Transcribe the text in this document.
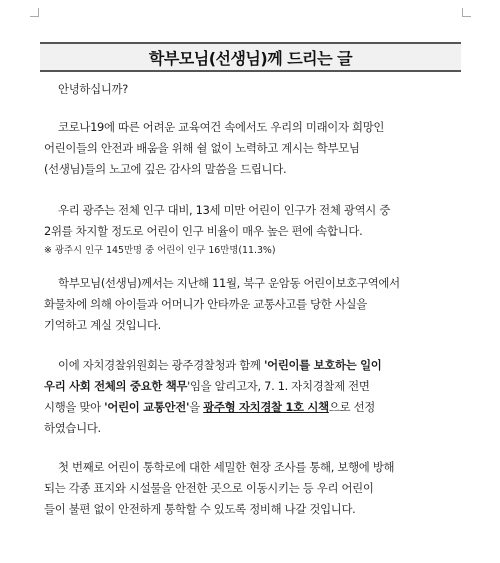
학부모님(선생님)께 드리는 글

안녕하십니까?

코로나19에 따른 어려운 교육여건 속에서도 우리의 미래이자 희망인
어린이들의 안전과 배움을 위해 쉴 없이 노력하고 계시는 학부모님
(선생님)들의 노고에 깊은 감사의 말씀을 드립니다.

우리 광주는 전체 인구 대비, 13세 미만 어린이 인구가 전체 광역시 중
2위를 차지할 정도로 어린이 인구 비율이 매우 높은 편에 속합니다.

※ 광주시 인구 145만명 중 어린이 인구 16만명(11.3%)

학부모님(선생님)께서는 지난해 11월, 북구 운암동 어린이보호구역에서
화물차에 의해 아이들과 어머니가 안타까운 교통사고를 당한 사실을
기억하고 계실 것입니다.

이에 자치경찰위원회는 광주경찰청과 함께 '어린이를 보호하는 일이
우리 사회 전체의 중요한 책무'임을 알리고자, 7. 1. 자치경찰제 전면
시행을 맞아 '어린이 교통안전'을 광주형 자치경찰 1호 시책으로 선정
하였습니다.

첫 번째로 어린이 통학로에 대한 세밀한 현장 조사를 통해, 보행에 방해
되는 각종 표지와 시설물을 안전한 곳으로 이동시키는 등 우리 어린이
들이 불편 없이 안전하게 통학할 수 있도록 정비해 나갈 것입니다.
